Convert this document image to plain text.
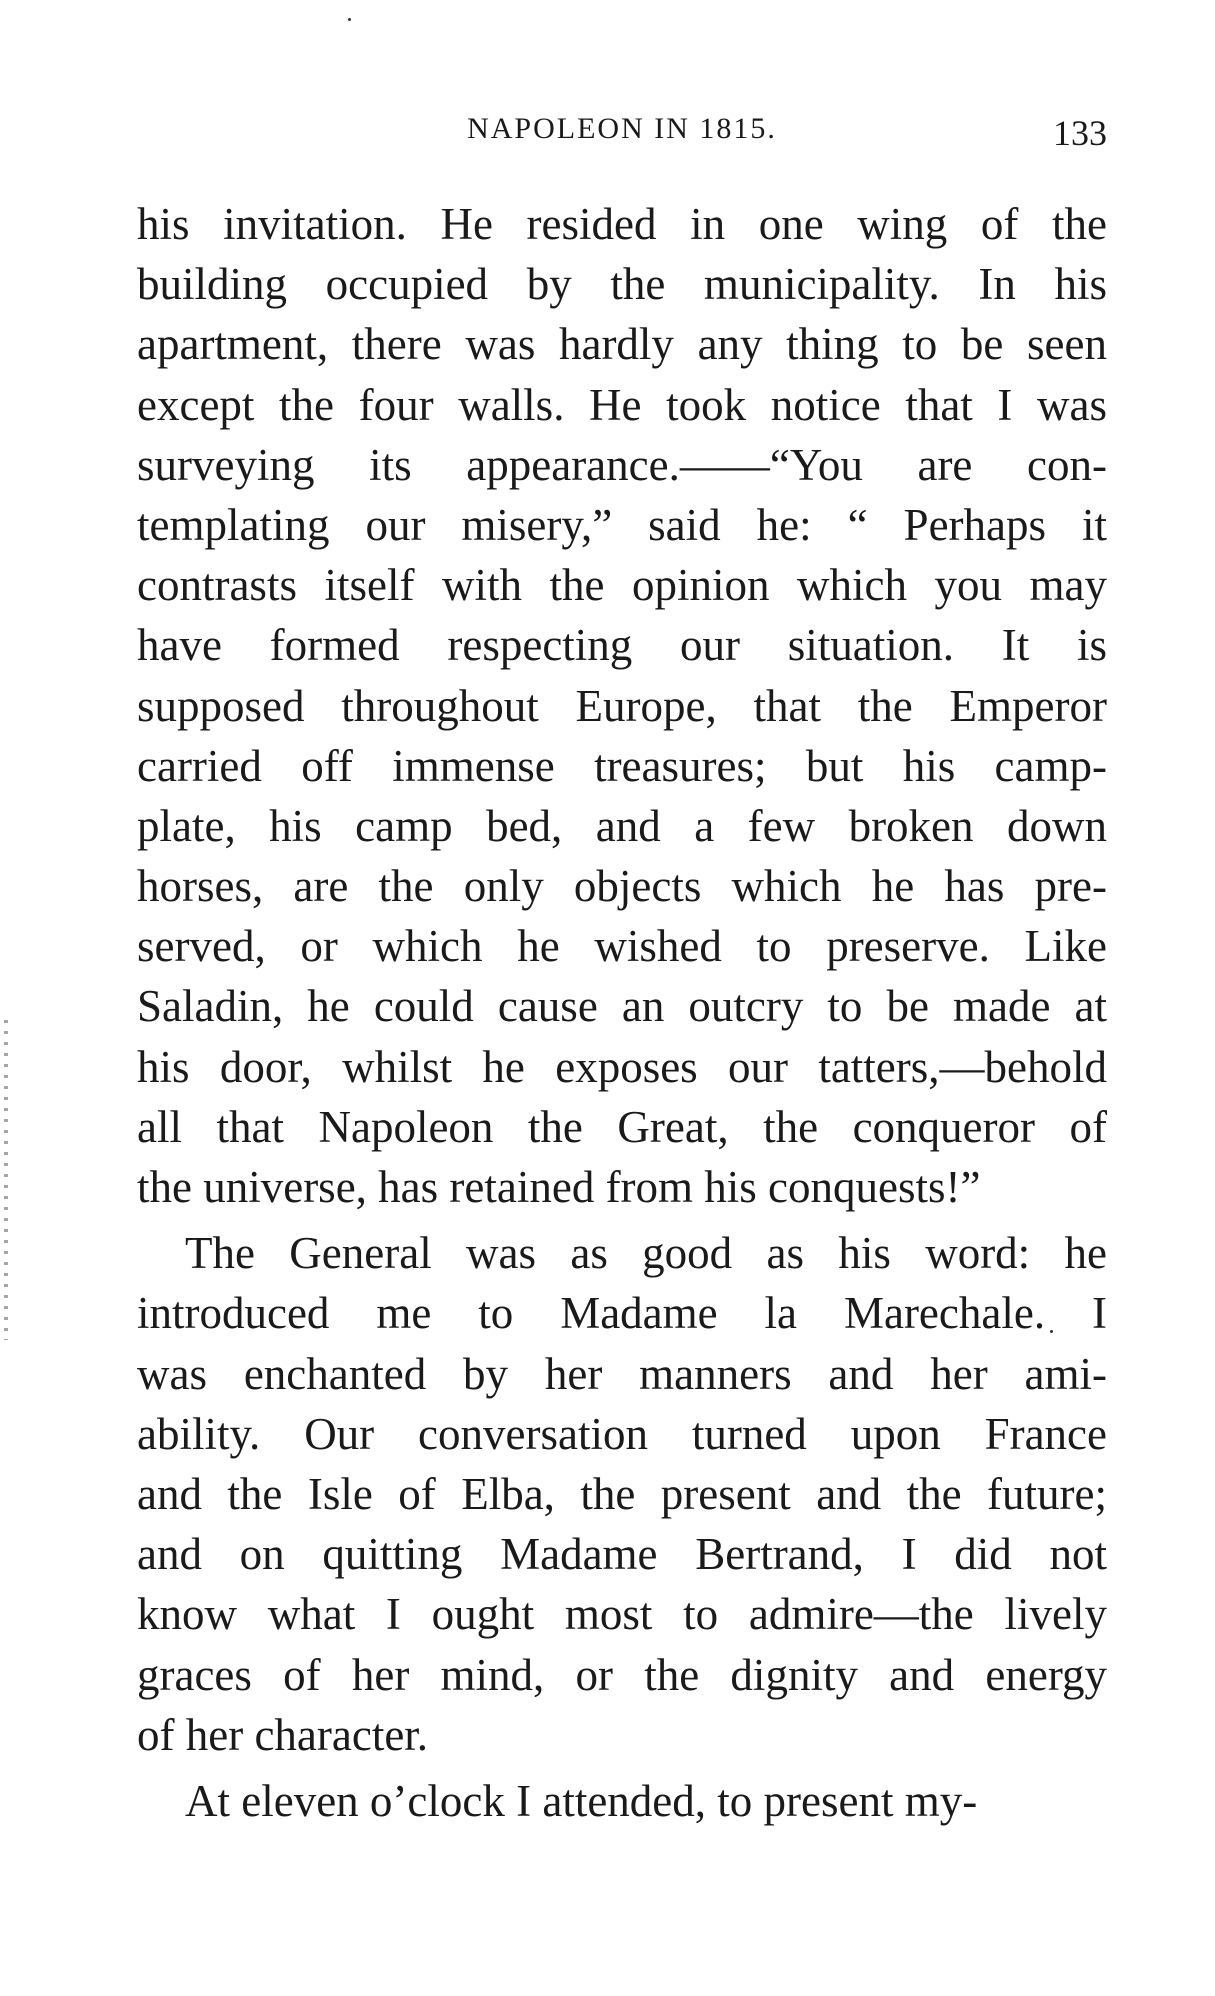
NAPOLEON IN 1815.	133
his invitation. He resided in one wing of the
building occupied by the municipality. In his
apartment, there was hardly any thing to be seen
except the four walls. He took notice that I was
surveying its appearance.——“You are con-
templating our misery,” said he: “ Perhaps it
contrasts itself with the opinion which you may
have formed respecting our situation. It is
supposed throughout Europe, that the Emperor
carried off immense treasures; but his camp-
plate, his camp bed, and a few broken down
horses, are the only objects which he has pre-
served, or which he wished to preserve. Like
Saladin, he could cause an outcry to be made at
his door, whilst he exposes our tatters,—behold
all that Napoleon the Great, the conqueror of
the universe, has retained from his conquests!”
The General was as good as his word: he
introduced me to Madame la Marechale. I
was enchanted by her manners and her ami-
ability. Our conversation turned upon France
and the Isle of Elba, the present and the future;
and on quitting Madame Bertrand, I did not
know what I ought most to admire—the lively
graces of her mind, or the dignity and energy
of her character.
At eleven o’clock I attended, to present my-
